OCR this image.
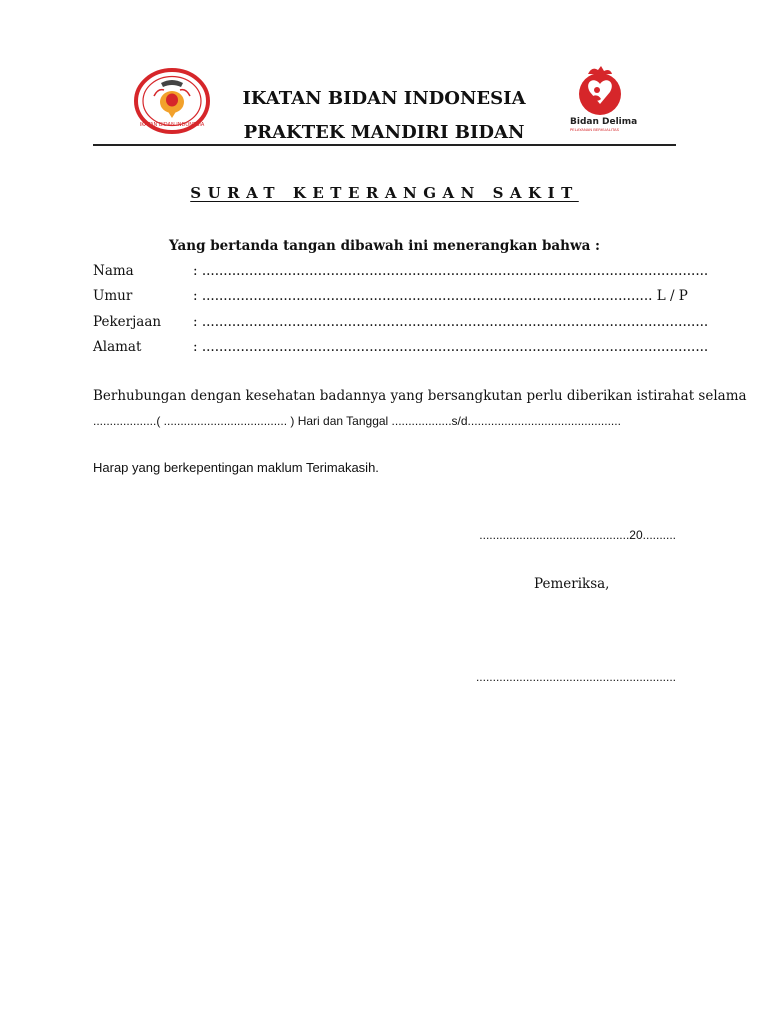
IKATAN BIDAN INDONESIA	Bidan Delima
PELAYANAN BERKUALITAS
IKATAN BIDAN INDONESIA
PRAKTEK MANDIRI BIDAN
SURAT KETERANGAN SAKIT
Yang bertanda tangan dibawah ini menerangkan bahwa :
Nama	: ......................................................................................................................
Umur	: ......................................................................................................... L / P
Pekerjaan : ......................................................................................................................
Alamat	: ......................................................................................................................
Berhubungan dengan kesehatan badannya yang bersangkutan perlu diberikan istirahat selama
...................( ..................................... ) Hari dan Tanggal ..................s/d..............................................
Harap yang berkepentingan maklum Terimakasih.
.............................................20..........
Pemeriksa,
............................................................
